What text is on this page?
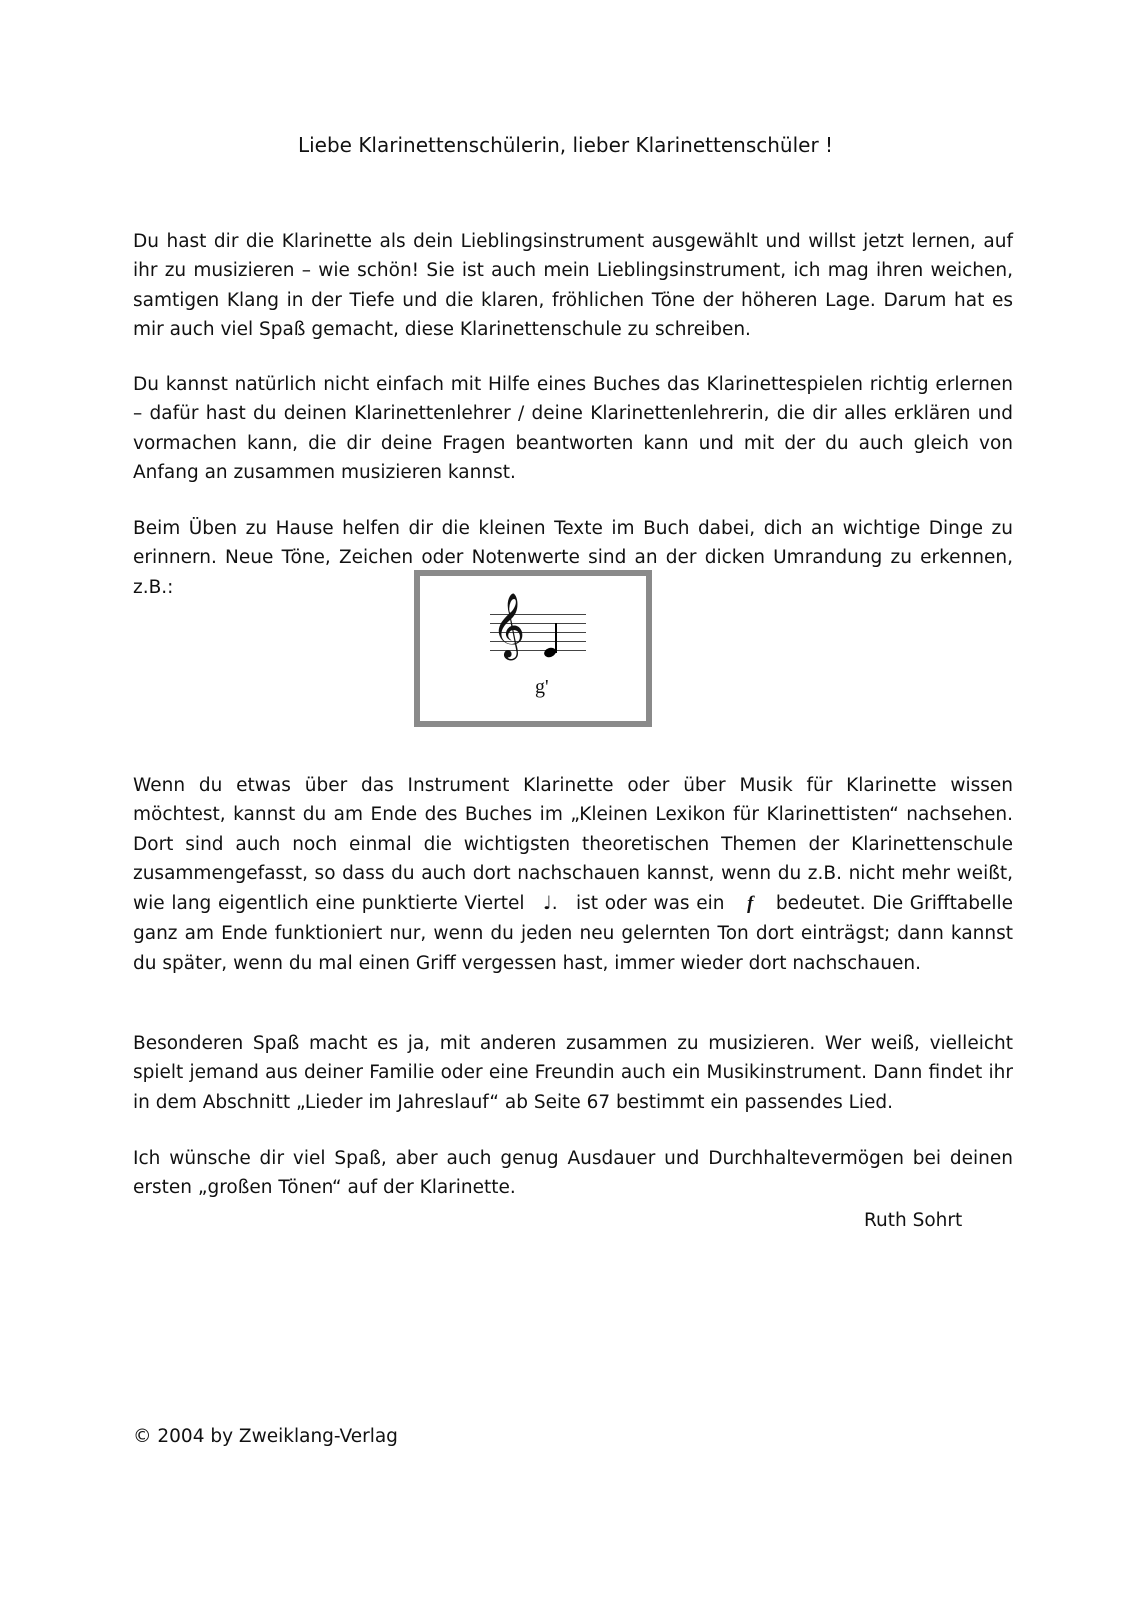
Liebe Klarinettenschülerin, lieber Klarinettenschüler !

Du hast dir die Klarinette als dein Lieblingsinstrument ausgewählt und willst jetzt lernen, auf ihr zu musizieren – wie schön! Sie ist auch mein Lieblingsinstrument, ich mag ihren weichen, samtigen Klang in der Tiefe und die klaren, fröhlichen Töne der höheren Lage. Darum hat es mir auch viel Spaß gemacht, diese Klarinettenschule zu schreiben.

Du kannst natürlich nicht einfach mit Hilfe eines Buches das Klarinettespielen richtig erlernen – dafür hast du deinen Klarinettenlehrer / deine Klarinettenlehrerin, die dir alles erklären und vormachen kann, die dir deine Fragen beantworten kann und mit der du auch gleich von Anfang an zusammen musizieren kannst.

Beim Üben zu Hause helfen dir die kleinen Texte im Buch dabei, dich an wichtige Dinge zu erinnern. Neue Töne, Zeichen oder Notenwerte sind an der dicken Umrandung zu erkennen, z.B.:

𝄞
g'

Wenn du etwas über das Instrument Klarinette oder über Musik für Klarinette wissen möchtest, kannst du am Ende des Buches im „Kleinen Lexikon für Klarinettisten“ nachsehen. Dort sind auch noch einmal die wichtigsten theoretischen Themen der Klarinettenschule zusammengefasst, so dass du auch dort nachschauen kannst, wenn du z.B. nicht mehr weißt, wie lang eigentlich eine punktierte Viertel ♩. ist oder was ein f bedeutet. Die Grifftabelle ganz am Ende funktioniert nur, wenn du jeden neu gelernten Ton dort einträgst; dann kannst du später, wenn du mal einen Griff vergessen hast, immer wieder dort nachschauen.

Besonderen Spaß macht es ja, mit anderen zusammen zu musizieren. Wer weiß, vielleicht spielt jemand aus deiner Familie oder eine Freundin auch ein Musikinstrument. Dann findet ihr in dem Abschnitt „Lieder im Jahreslauf“ ab Seite 67 bestimmt ein passendes Lied.

Ich wünsche dir viel Spaß, aber auch genug Ausdauer und Durchhaltevermögen bei deinen ersten „großen Tönen“ auf der Klarinette.

Ruth Sohrt
© 2004 by Zweiklang-Verlag
